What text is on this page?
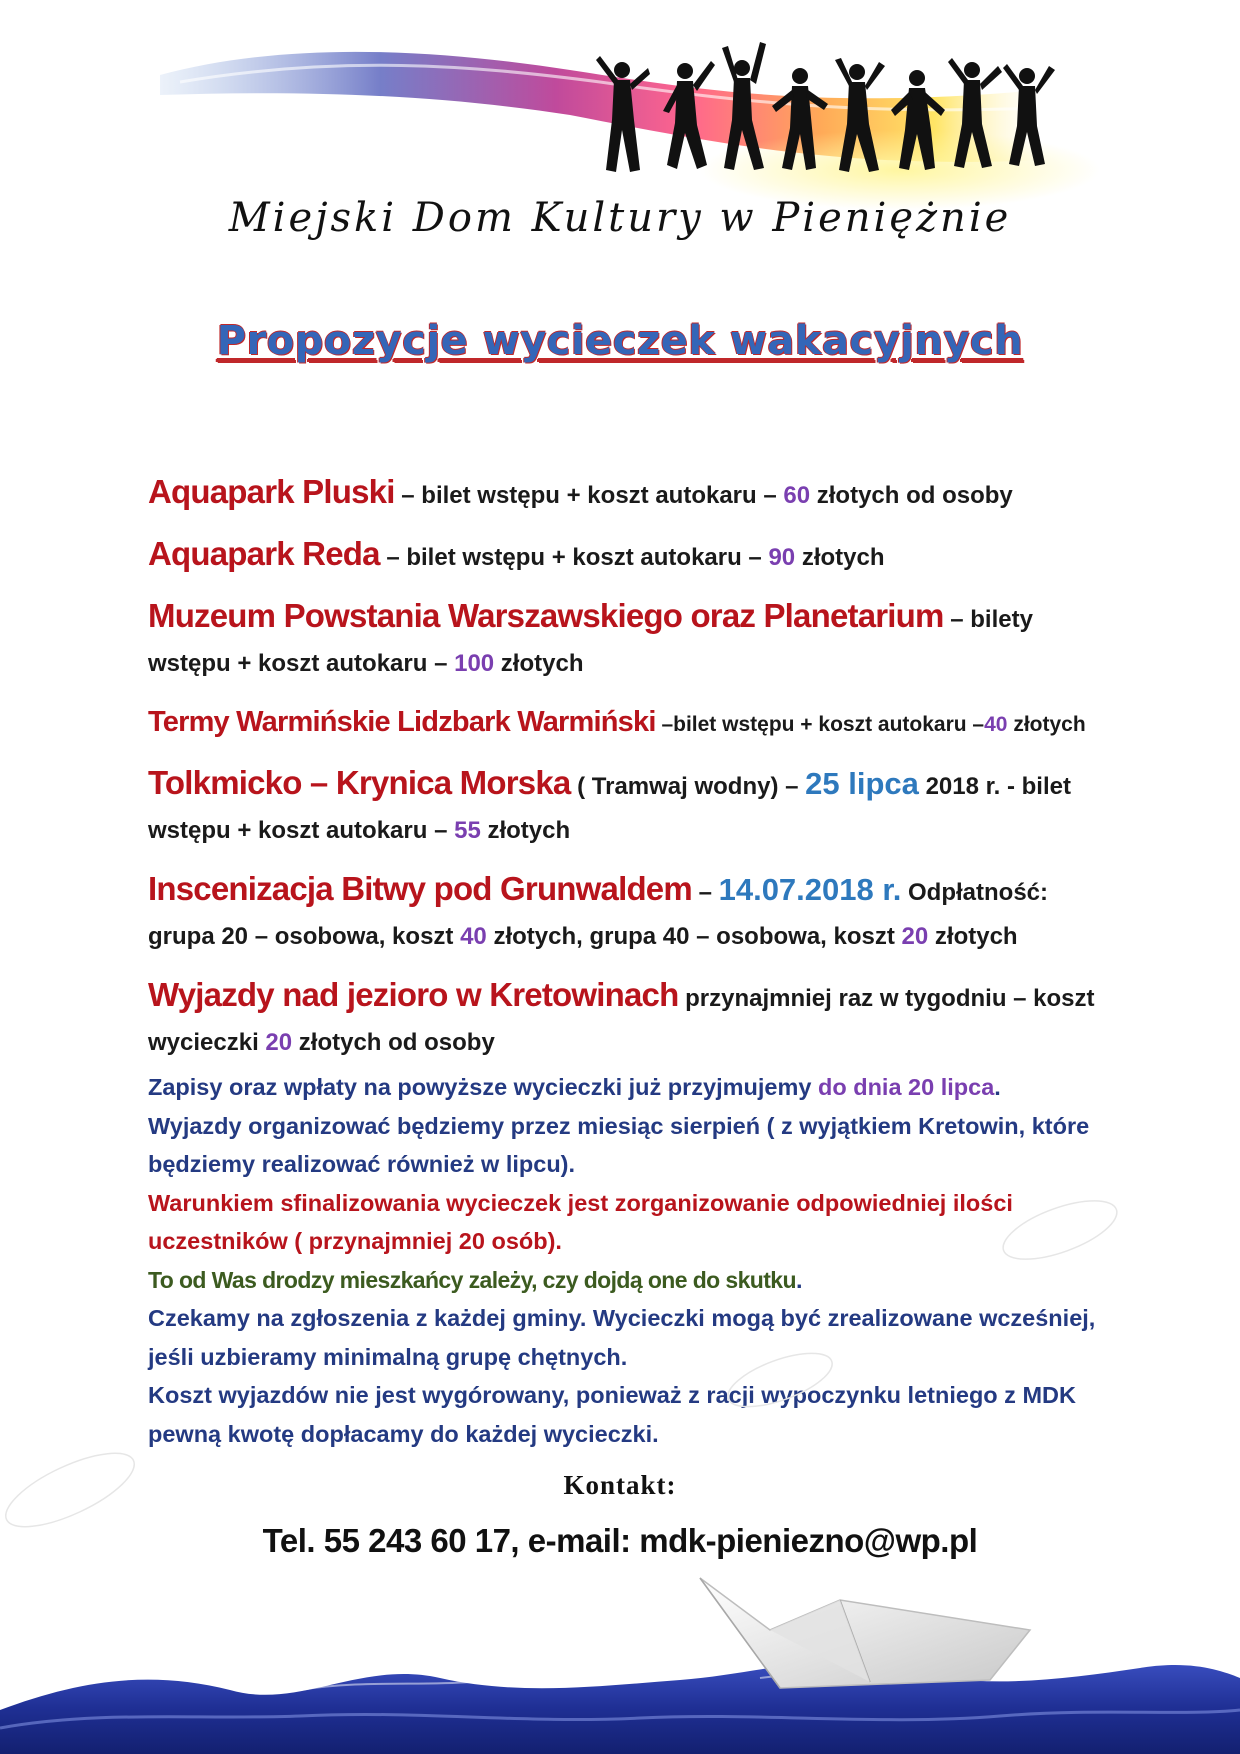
Miejski Dom Kultury w Pieniężnie
Propozycje wycieczek wakacyjnych

Aquapark Pluski – bilet wstępu + koszt autokaru – 60 złotych od osoby

Aquapark Reda – bilet wstępu + koszt autokaru – 90 złotych

Muzeum Powstania Warszawskiego oraz Planetarium – bilety wstępu + koszt autokaru – 100 złotych

Termy Warmińskie Lidzbark Warmiński –bilet wstępu + koszt autokaru –40 złotych

Tolkmicko – Krynica Morska ( Tramwaj wodny) – 25 lipca 2018 r. - bilet wstępu + koszt autokaru – 55 złotych

Inscenizacja Bitwy pod Grunwaldem – 14.07.2018 r. Odpłatność: grupa 20 – osobowa, koszt 40 złotych, grupa 40 – osobowa, koszt 20 złotych

Wyjazdy nad jezioro w Kretowinach przynajmniej raz w tygodniu – koszt wycieczki 20 złotych od osoby

Zapisy oraz wpłaty na powyższe wycieczki już przyjmujemy do dnia 20 lipca.

Wyjazdy organizować będziemy przez miesiąc sierpień ( z wyjątkiem Kretowin, które będziemy realizować również w lipcu).

Warunkiem sfinalizowania wycieczek jest zorganizowanie odpowiedniej ilości uczestników ( przynajmniej 20 osób).

To od Was drodzy mieszkańcy zależy, czy dojdą one do skutku.

Czekamy na zgłoszenia z każdej gminy. Wycieczki mogą być zrealizowane wcześniej, jeśli uzbieramy minimalną grupę chętnych.

Koszt wyjazdów nie jest wygórowany, ponieważ z racji wypoczynku letniego z MDK pewną kwotę dopłacamy do każdej wycieczki.

Kontakt:
Tel. 55 243 60 17, e-mail: mdk-pieniezno@wp.pl
